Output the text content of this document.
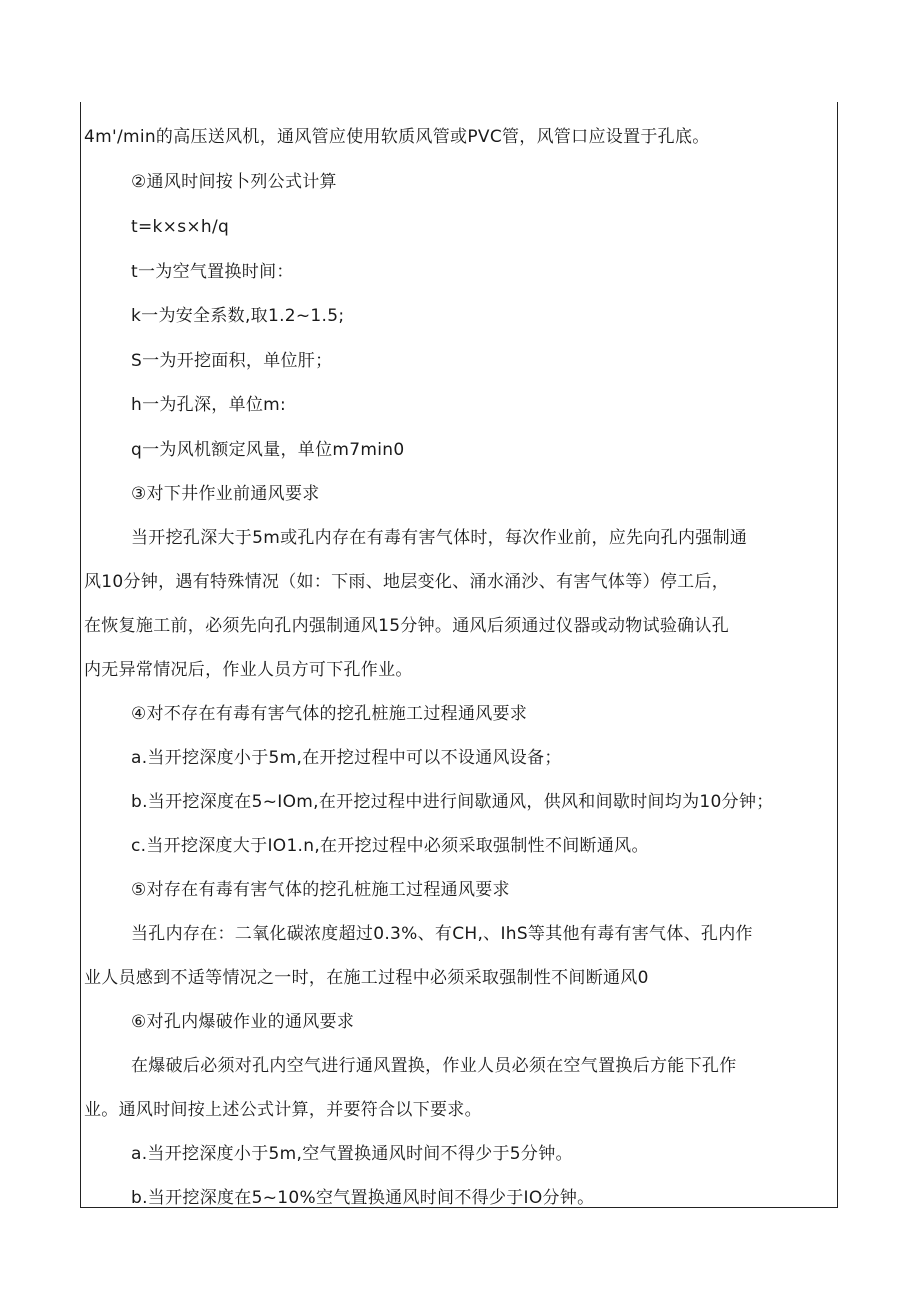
4m'/min的高压送风机，通风管应使用软质风管或PVC管，风管口应设置于孔底。
②通风时间按卜列公式计算
t=k×s×h/q
t一为空气置换时间：
k一为安全系数,取1.2~1.5;
S一为开挖面积，单位肝；
h一为孔深，单位m:
q一为风机额定风量，单位m7min0
③对下井作业前通风要求
当开挖孔深大于5m或孔内存在有毒有害气体时，每次作业前，应先向孔内强制通
风10分钟，遇有特殊情况（如：下雨、地层变化、涌水涌沙、有害气体等）停工后，
在恢复施工前，必须先向孔内强制通风15分钟。通风后须通过仪器或动物试验确认孔
内无异常情况后，作业人员方可下孔作业。
④对不存在有毒有害气体的挖孔桩施工过程通风要求
a.当开挖深度小于5m,在开挖过程中可以不设通风设备；
b.当开挖深度在5~IOm,在开挖过程中进行间歇通风，供风和间歇时间均为10分钟；
c.当开挖深度大于IO1.n,在开挖过程中必须采取强制性不间断通风。
⑤对存在有毒有害气体的挖孔桩施工过程通风要求
当孔内存在：二氧化碳浓度超过0.3%、有CH,、IhS等其他有毒有害气体、孔内作
业人员感到不适等情况之一时，在施工过程中必须采取强制性不间断通风0
⑥对孔内爆破作业的通风要求
在爆破后必须对孔内空气进行通风置换，作业人员必须在空气置换后方能下孔作
业。通风时间按上述公式计算，并要符合以下要求。
a.当开挖深度小于5m,空气置换通风时间不得少于5分钟。
b.当开挖深度在5~10%空气置换通风时间不得少于IO分钟。
